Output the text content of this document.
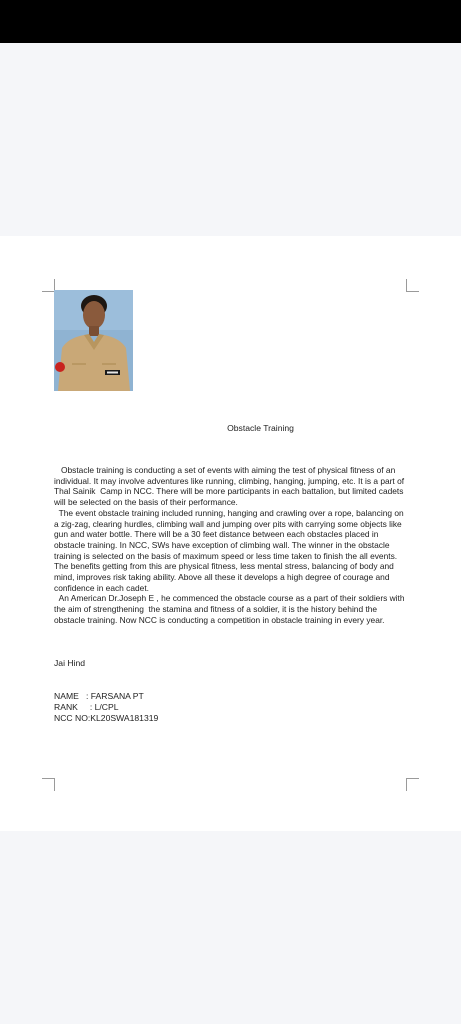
Obstacle Training

Obstacle training is conducting a set of events with aiming the test of physical fitness of an individual. It may involve adventures like running, climbing, hanging, jumping, etc. It is a part of Thal Sainik  Camp in NCC. There will be more participants in each battalion, but limited cadets will be selected on the basis of their performance.

The event obstacle training included running, hanging and crawling over a rope, balancing on a zig-zag, clearing hurdles, climbing wall and jumping over pits with carrying some objects like gun and water bottle. There will be a 30 feet distance between each obstacles placed in obstacle training. In NCC, SWs have exception of climbing wall. The winner in the obstacle training is selected on the basis of maximum speed or less time taken to finish the all events. The benefits getting from this are physical fitness, less mental stress, balancing of body and mind, improves risk taking ability. Above all these it develops a high degree of courage and confidence in each cadet.

An American Dr.Joseph E , he commenced the obstacle course as a part of their soldiers with the aim of strengthening  the stamina and fitness of a soldier, it is the history behind the obstacle training. Now NCC is conducting a competition in obstacle training in every year.

Jai Hind
NAME   : FARSANA PT
RANK     : L/CPL
NCC NO:KL20SWA181319
